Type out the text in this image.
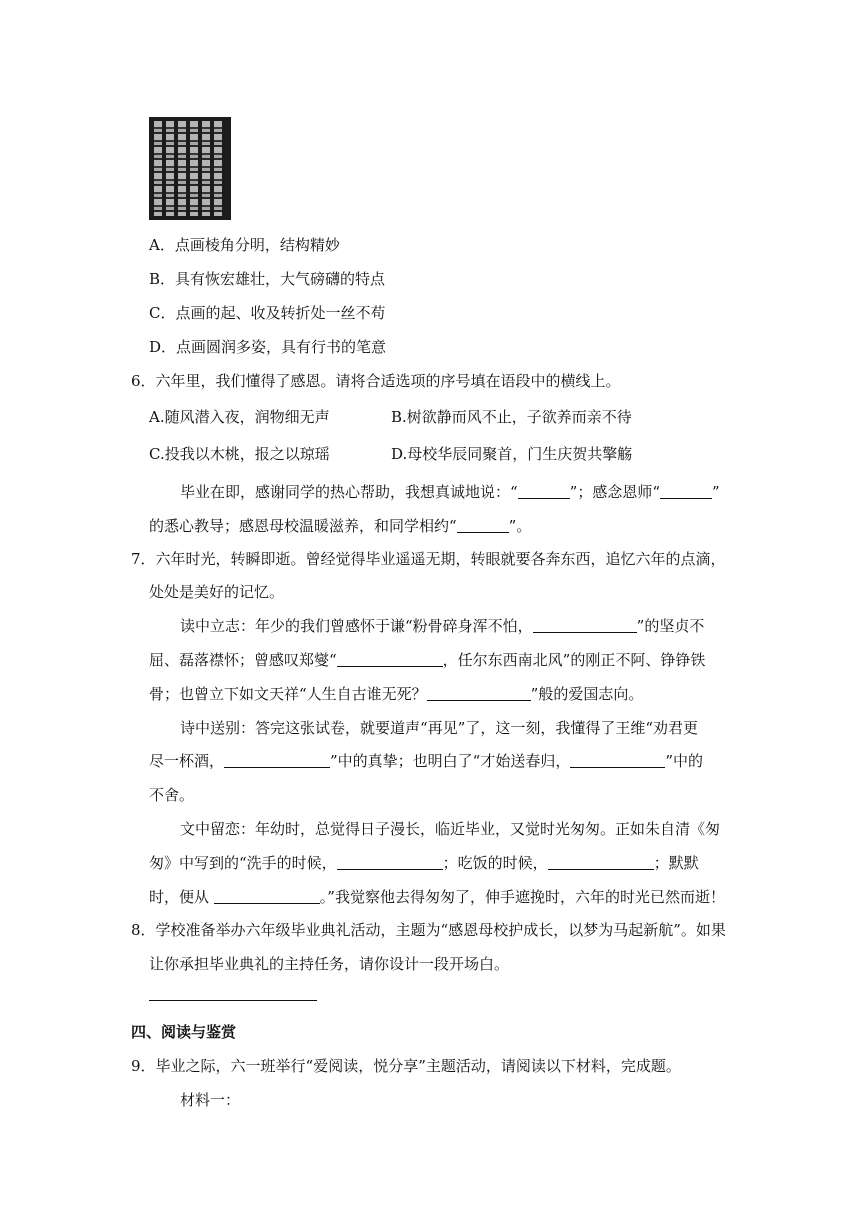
A．点画棱角分明，结构精妙
B．具有恢宏雄壮，大气磅礴的特点
C．点画的起、收及转折处一丝不苟
D．点画圆润多姿，具有行书的笔意
6．六年里，我们懂得了感恩。请将合适选项的序号填在语段中的横线上。
A.随风潜入夜，润物细无声	B.树欲静而风不止，子欲养而亲不待
C.投我以木桃，报之以琼瑶	D.母校华辰同聚首，门生庆贺共擎觞
毕业在即，感谢同学的热心帮助，我想真诚地说：“	”；感念恩师“	”
的悉心教导；感恩母校温暖滋养，和同学相约“	”。
7．六年时光，转瞬即逝。曾经觉得毕业遥遥无期，转眼就要各奔东西，追忆六年的点滴，
处处是美好的记忆。
读中立志：年少的我们曾感怀于谦“粉骨碎身浑不怕，	”的坚贞不
屈、磊落襟怀；曾感叹郑燮“	，任尔东西南北风”的刚正不阿、铮铮铁
骨；也曾立下如文天祥“人生自古谁无死？	”般的爱国志向。
诗中送别：答完这张试卷，就要道声“再见”了，这一刻，我懂得了王维“劝君更
尽一杯酒，	”中的真挚；也明白了“才始送春归，	”中的
不舍。
文中留恋：年幼时，总觉得日子漫长，临近毕业，又觉时光匆匆。正如朱自清《匆
匆》中写到的“洗手的时候，	；吃饭的时候，	；默默
时，便从	。”我觉察他去得匆匆了，伸手遮挽时，六年的时光已然而逝！
8．学校准备举办六年级毕业典礼活动，主题为“感恩母校护成长，以梦为马起新航”。如果
让你承担毕业典礼的主持任务，请你设计一段开场白。
四、阅读与鉴赏
9．毕业之际，六一班举行“爱阅读，悦分享”主题活动，请阅读以下材料，完成题。
材料一：
